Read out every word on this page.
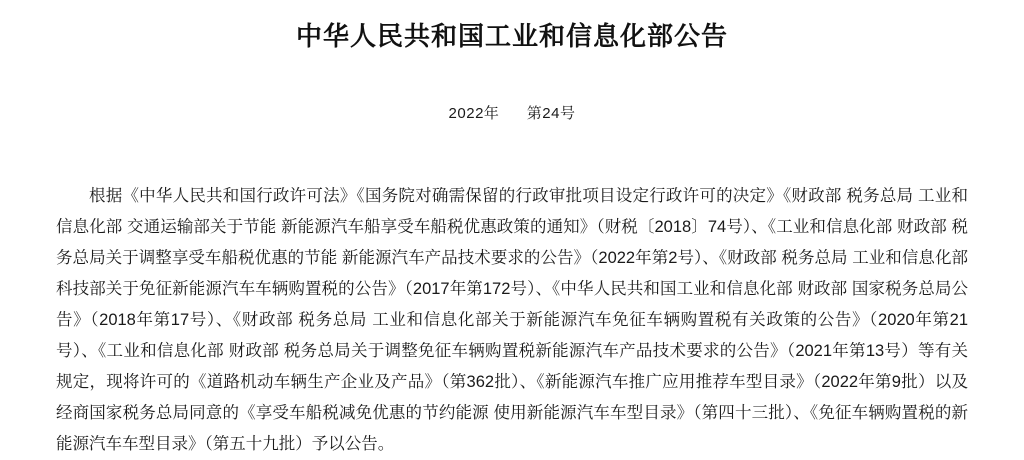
中华人民共和国工业和信息化部公告
2022年 第24号

根据《中华人民共和国行政许可法》《国务院对确需保留的行政审批项目设定行政许可的决定》《财政部 税务总局 工业和信息化部 交通运输部关于节能 新能源汽车船享受车船税优惠政策的通知》（财税〔2018〕74号）、《工业和信息化部 财政部 税务总局关于调整享受车船税优惠的节能 新能源汽车产品技术要求的公告》（2022年第2号）、《财政部 税务总局 工业和信息化部 科技部关于免征新能源汽车车辆购置税的公告》（2017年第172号）、《中华人民共和国工业和信息化部 财政部 国家税务总局公告》（2018年第17号）、《财政部 税务总局 工业和信息化部关于新能源汽车免征车辆购置税有关政策的公告》（2020年第21号）、《工业和信息化部 财政部 税务总局关于调整免征车辆购置税新能源汽车产品技术要求的公告》（2021年第13号）等有关规定，现将许可的《道路机动车辆生产企业及产品》（第362批）、《新能源汽车推广应用推荐车型目录》（2022年第9批）以及经商国家税务总局同意的《享受车船税减免优惠的节约能源 使用新能源汽车车型目录》（第四十三批）、《免征车辆购置税的新能源汽车车型目录》（第五十九批）予以公告。
